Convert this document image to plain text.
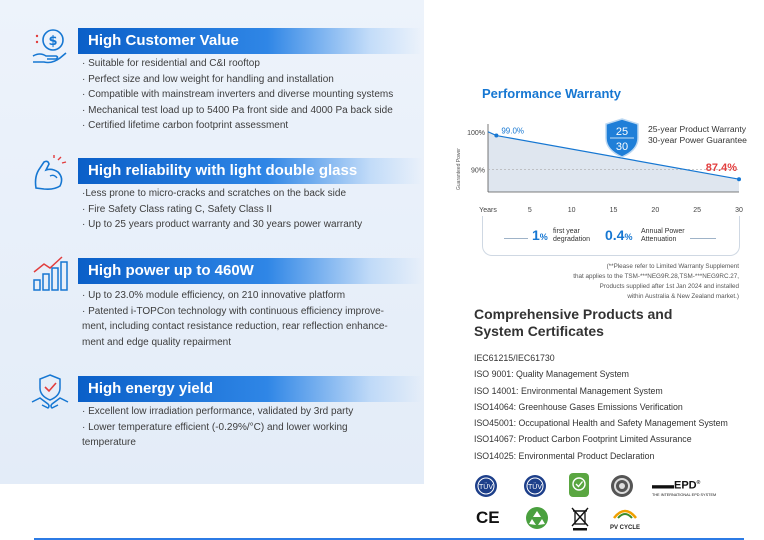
$	High Customer Value
· Suitable for residential and C&I rooftop
· Perfect size and low weight for handling and installation
· Compatible with mainstream inverters and diverse mounting systems
· Mechanical test load up to 5400 Pa front side and 4000 Pa back side
· Certified lifetime carbon footprint assessment
High reliability with light double glass
·Less prone to micro-cracks and scratches on the back side
· Fire Safety Class rating C, Safety Class II
· Up to 25 years product warranty and 30 years power warranty
High power up to 460W
· Up to 23.0% module efficiency, on 210 innovative platform
· Patented i-TOPCon technology with continuous efficiency improve-
ment, including contact resistance reduction, rear reflection enhance-
ment and edge quality repairment
High energy yield
· Excellent low irradiation performance, validated by 3rd party
· Lower temperature efficient (-0.29%/°C) and lower working
temperature
Performance Warranty
99.0%
100%
90%
Years	5	10	15	20	25	30
Guaranteed Power	87.4%
25
30
25-year Product Warranty
30-year Power Guarantee
1%
first year
degradation 0.4%
Annual Power
Attenuation
(**Please refer to Limited Warranty Supplement
that applies to the TSM-***NEG9R.28,TSM-***NEG9RC.27,
Products supplied after 1st Jan 2024 and installed
within Australia & New Zealand market.)
Comprehensive Products and
System Certificates
IEC61215/IEC61730
ISO 9001: Quality Management System
ISO 14001: Environmental Management System
ISO14064: Greenhouse Gases Emissions Verification
ISO45001: Occupational Health and Safety Management System
ISO14067: Product Carbon Footprint Limited Assurance
ISO14025: Environmental Product Declaration
TÜV	TÜV	▬▬EPD®
THE INTERNATIONAL EPD SYSTEM
CE
PV CYCLE
